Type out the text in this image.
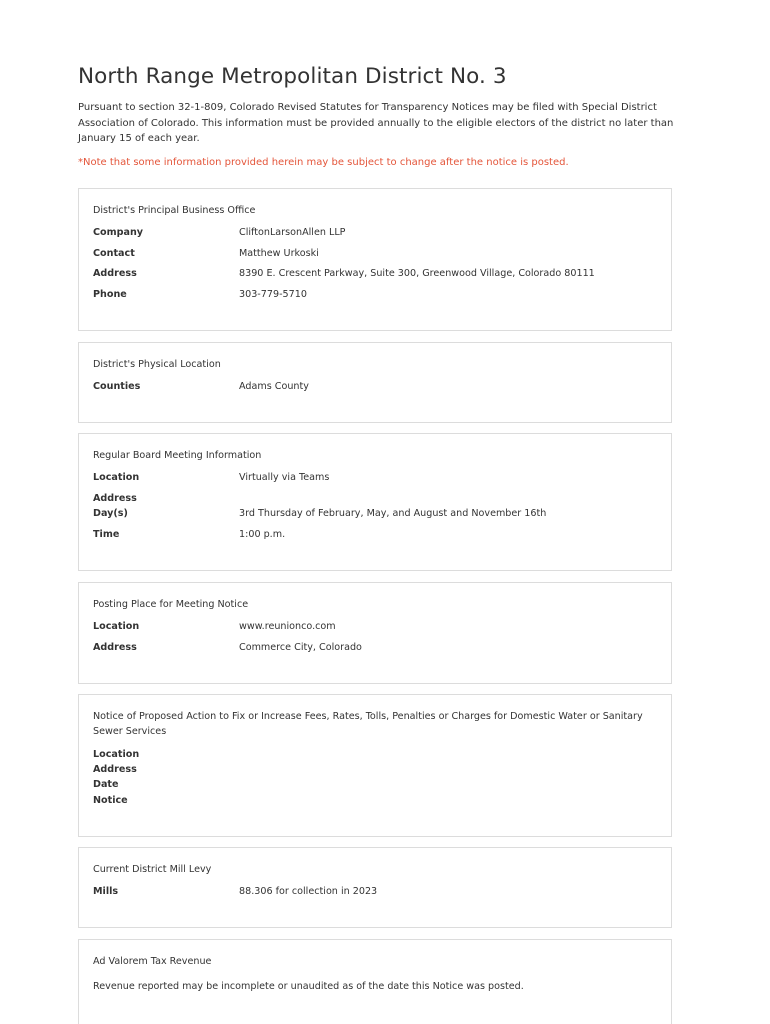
North Range Metropolitan District No. 3

Pursuant to section 32-1-809, Colorado Revised Statutes for Transparency Notices may be filed with Special District Association of Colorado. This information must be provided annually to the eligible electors of the district no later than January 15 of each year.

*Note that some information provided herein may be subject to change after the notice is posted.

District's Principal Business Office
Company	CliftonLarsonAllen LLP
Contact	Matthew Urkoski
Address	8390 E. Crescent Parkway, Suite 300, Greenwood Village, Colorado 80111
Phone	303-779-5710
District's Physical Location
Counties	Adams County
Regular Board Meeting Information
Location	Virtually via Teams
Address
Day(s)	3rd Thursday of February, May, and August and November 16th
Time	1:00 p.m.
Posting Place for Meeting Notice
Location	www.reunionco.com
Address	Commerce City, Colorado
Notice of Proposed Action to Fix or Increase Fees, Rates, Tolls, Penalties or Charges for Domestic Water or Sanitary Sewer Services
Location
Address
Date
Notice
Current District Mill Levy
Mills	88.306 for collection in 2023
Ad Valorem Tax Revenue
Revenue reported may be incomplete or unaudited as of the date this Notice was posted.
